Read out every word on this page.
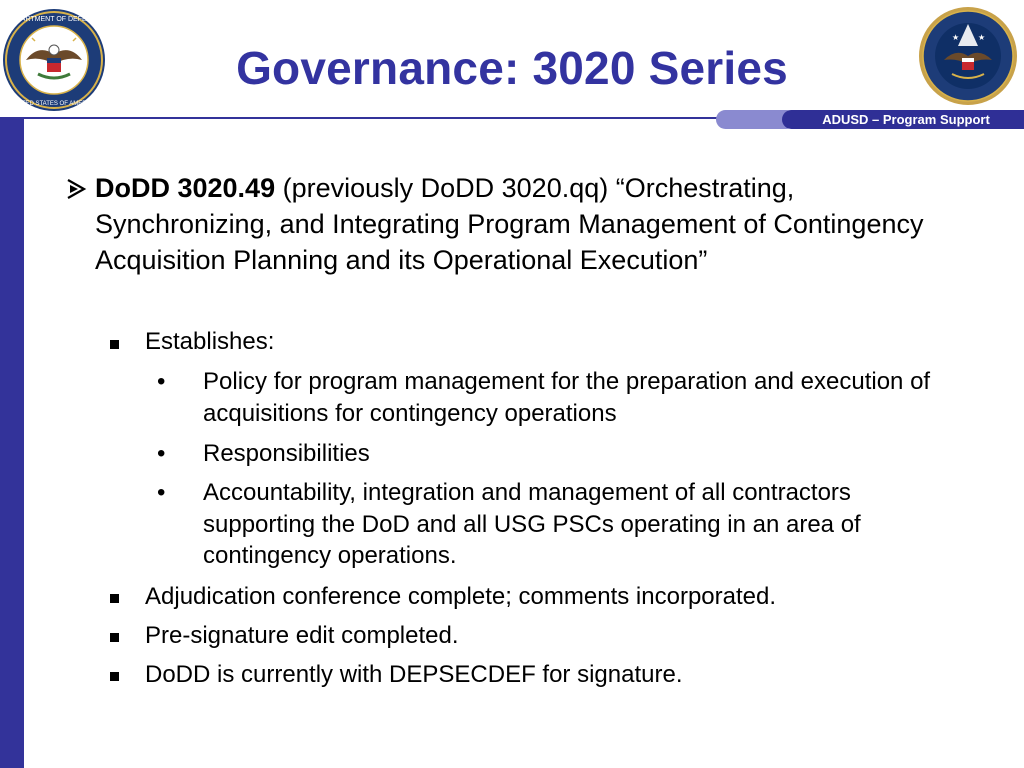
DEPARTMENT OF DEFENSE
UNITED STATES OF AMERICA
★ ★
Governance: 3020 Series
ADUSD – Program Support
DoDD 3020.49 (previously DoDD 3020.qq) “Orchestrating, Synchronizing, and Integrating Program Management of Contingency Acquisition Planning and its Operational Execution”
Establishes:
• Policy for program management for the preparation and execution of acquisitions for contingency operations
• Responsibilities
• Accountability, integration and management of all contractors supporting the DoD and all USG PSCs operating in an area of contingency operations.
Adjudication conference complete; comments incorporated.
Pre-signature edit completed.
DoDD is currently with DEPSECDEF for signature.
